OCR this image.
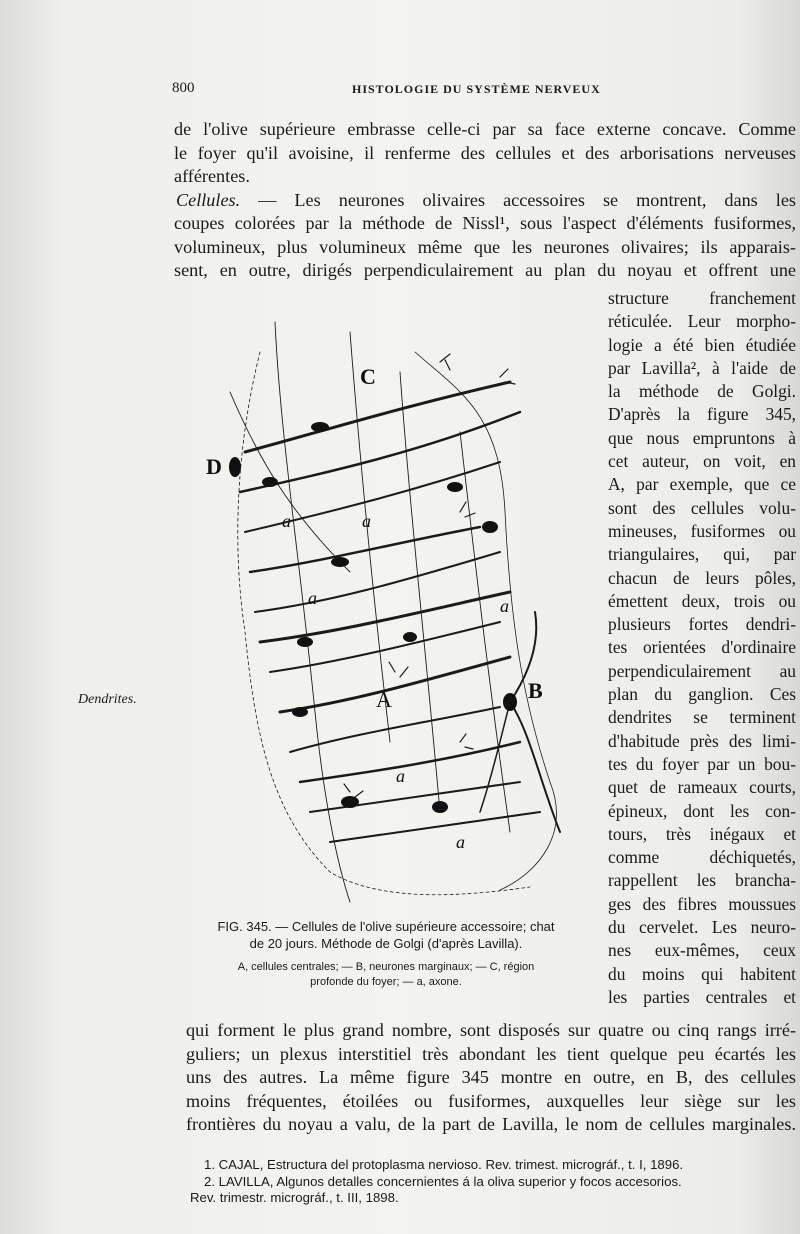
800	HISTOLOGIE DU SYSTÈME NERVEUX
de l'olive supérieure embrasse celle-ci par sa face externe concave. Comme
le foyer qu'il avoisine, il renferme des cellules et des arborisations nerveuses
afférentes.
Cellules. — Les neurones olivaires accessoires se montrent, dans les
coupes colorées par la méthode de Nissl¹, sous l'aspect d'éléments fusiformes,
volumineux, plus volumineux même que les neurones olivaires; ils apparais-
sent, en outre, dirigés perpendiculairement au plan du noyau et offrent une
structure franchement
réticulée. Leur morpho-
logie a été bien étudiée
par Lavilla², à l'aide de
la méthode de Golgi.
D'après la figure 345,
que nous empruntons à
cet auteur, on voit, en
A, par exemple, que ce
sont des cellules volu-
mineuses, fusiformes ou
triangulaires, qui, par
chacun de leurs pôles,
émettent deux, trois ou
plusieurs fortes dendri-
tes orientées d'ordinaire
perpendiculairement au
plan du ganglion. Ces
dendrites se terminent
d'habitude près des limi-
tes du foyer par un bou-
quet de rameaux courts,
épineux, dont les con-
tours, très inégaux et
comme déchiquetés,
rappellent les brancha-
ges des fibres moussues
du cervelet. Les neuro-
nes eux-mêmes, ceux
du moins qui habitent
les parties centrales et
Dendrites.
C
D
A	B
a	a
a	a
a
a
FIG. 345. — Cellules de l'olive supérieure accessoire; chat
de 20 jours. Méthode de Golgi (d'après Lavilla).
A, cellules centrales; — B, neurones marginaux; — C, région
profonde du foyer; — a, axone.
qui forment le plus grand nombre, sont disposés sur quatre ou cinq rangs irré-
guliers; un plexus interstitiel très abondant les tient quelque peu écartés les
uns des autres. La même figure 345 montre en outre, en B, des cellules
moins fréquentes, étoilées ou fusiformes, auxquelles leur siège sur les
frontières du noyau a valu, de la part de Lavilla, le nom de cellules marginales.
1. CAJAL, Estructura del protoplasma nervioso. Rev. trimest. micrográf., t. I, 1896.
2. LAVILLA, Algunos detalles concernientes á la oliva superior y focos accesorios.
Rev. trimestr. micrográf., t. III, 1898.
